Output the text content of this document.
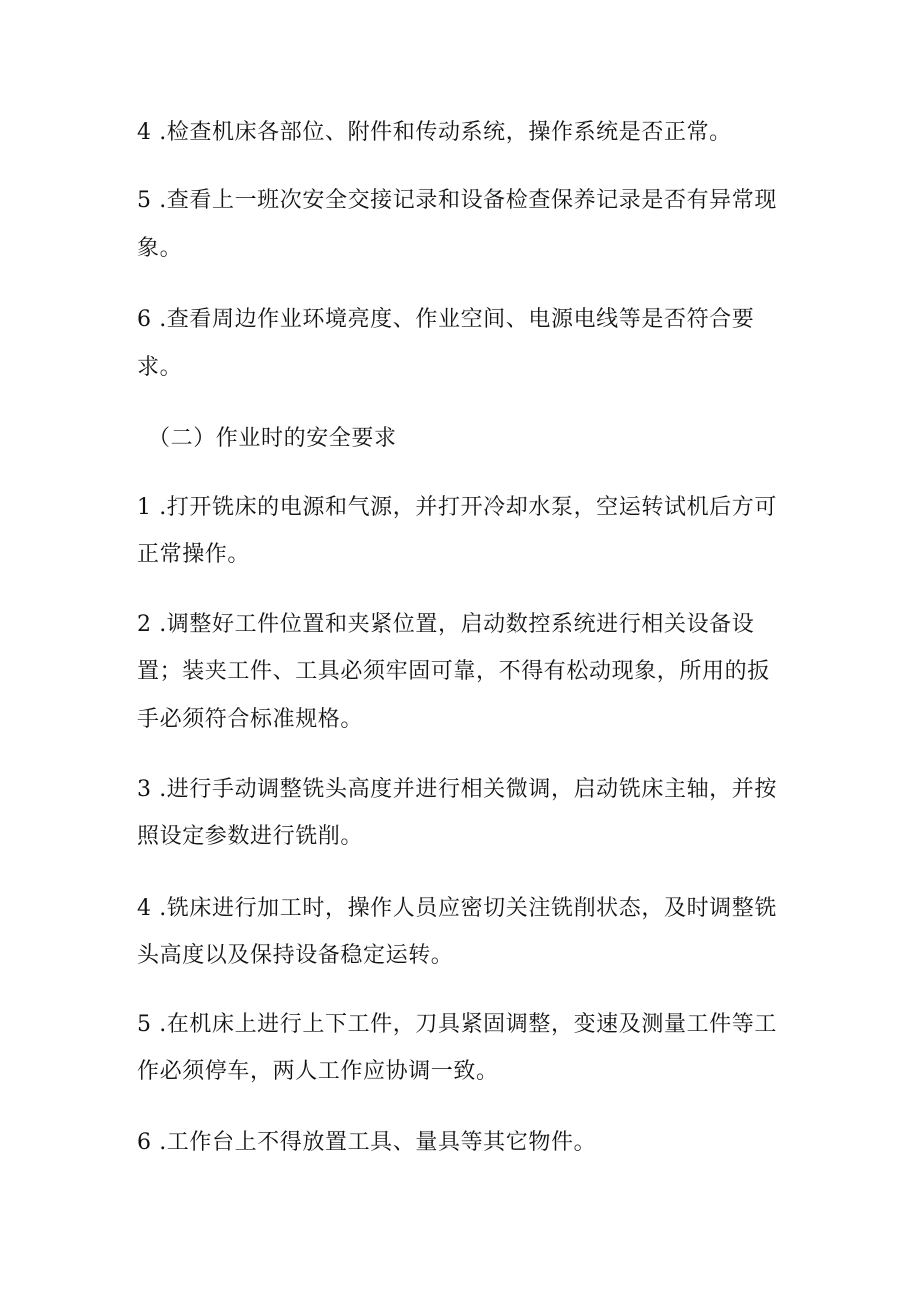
4 .检查机床各部位、附件和传动系统，操作系统是否正常。

5 .查看上一班次安全交接记录和设备检查保养记录是否有异常现

象。

6 .查看周边作业环境亮度、作业空间、电源电线等是否符合要

求。

（二）作业时的安全要求

1 .打开铣床的电源和气源，并打开冷却水泵，空运转试机后方可

正常操作。

2 .调整好工件位置和夹紧位置，启动数控系统进行相关设备设

置；装夹工件、工具必须牢固可靠，不得有松动现象，所用的扳

手必须符合标准规格。

3 .进行手动调整铣头高度并进行相关微调，启动铣床主轴，并按

照设定参数进行铣削。

4 .铣床进行加工时，操作人员应密切关注铣削状态，及时调整铣

头高度以及保持设备稳定运转。

5 .在机床上进行上下工件，刀具紧固调整，变速及测量工件等工

作必须停车，两人工作应协调一致。

6 .工作台上不得放置工具、量具等其它物件。
